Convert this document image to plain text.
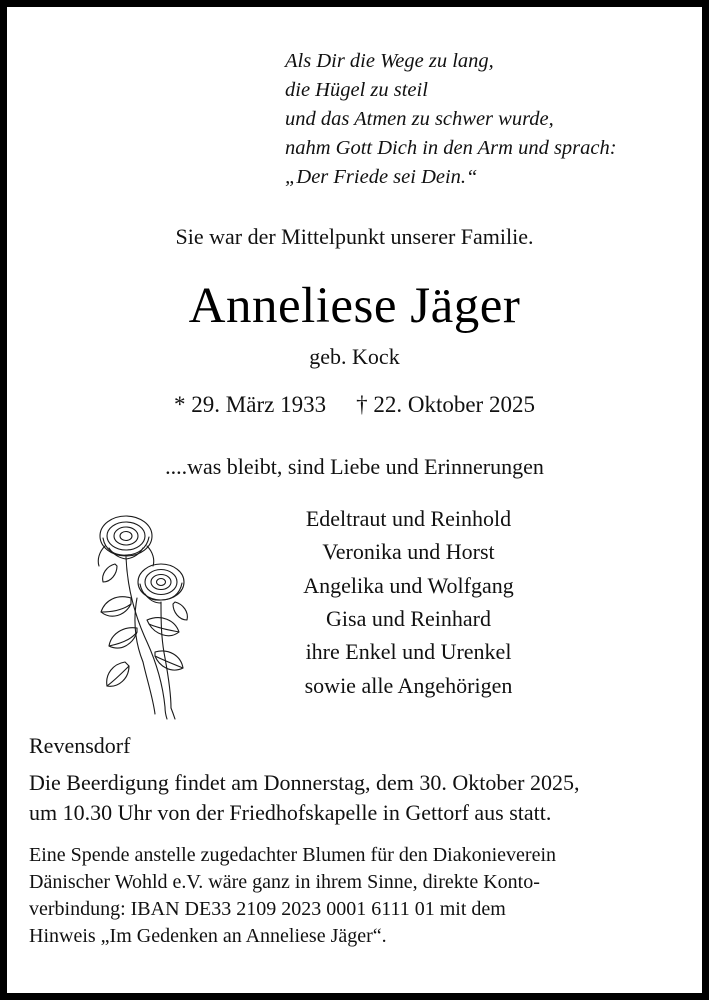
Als Dir die Wege zu lang,
die Hügel zu steil
und das Atmen zu schwer wurde,
nahm Gott Dich in den Arm und sprach:
„Der Friede sei Dein.“
Sie war der Mittelpunkt unserer Familie.
Anneliese Jäger
geb. Kock
* 29. März 1933 † 22. Oktober 2025
....was bleibt, sind Liebe und Erinnerungen
Edeltraut und Reinhold
Veronika und Horst
Angelika und Wolfgang
Gisa und Reinhard
ihre Enkel und Urenkel
sowie alle Angehörigen
Revensdorf
Die Beerdigung findet am Donnerstag, dem 30. Oktober 2025,
um 10.30 Uhr von der Friedhofskapelle in Gettorf aus statt.
Eine Spende anstelle zugedachter Blumen für den Diakonieverein
Dänischer Wohld e.V. wäre ganz in ihrem Sinne, direkte Konto-
verbindung: IBAN DE33 2109 2023 0001 6111 01 mit dem
Hinweis „Im Gedenken an Anneliese Jäger“.
